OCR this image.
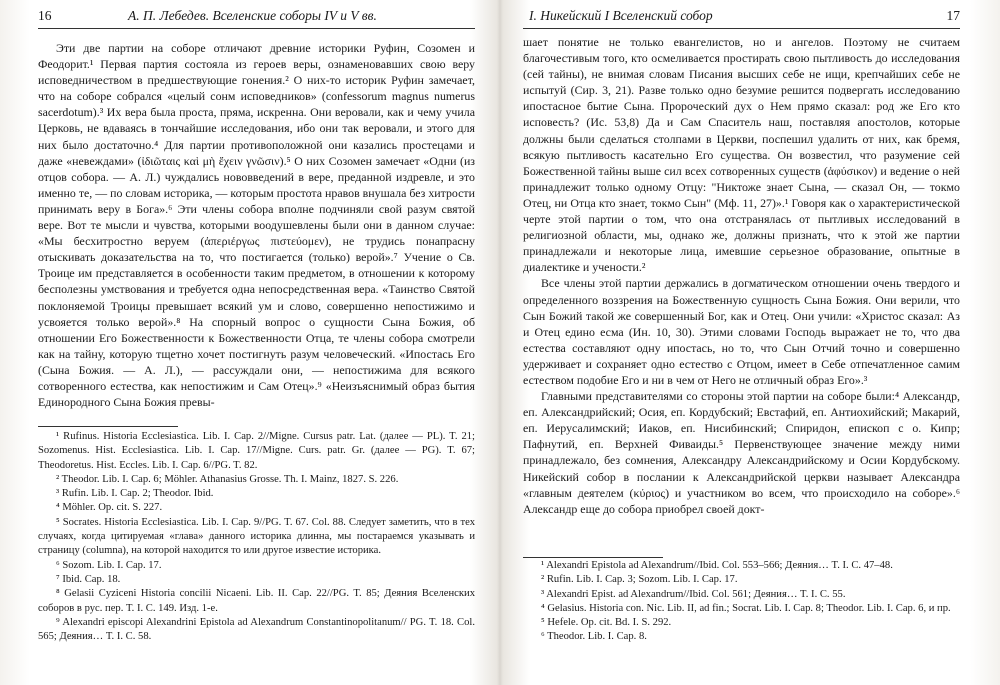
16	А. П. Лебедев. Вселенские соборы IV и V вв.

Эти две партии на соборе отличают древние историки Руфин, Созомен и Феодорит.¹ Первая партия состояла из героев веры, ознаменовавших свою веру исповедничеством в предшествующие гонения.² О них-то историк Руфин замечает, что на соборе собрался «целый сонм исповедников» (confessorum magnus numerus sacerdotum).³ Их вера была проста, пряма, искренна. Они веровали, как и чему учила Церковь, не вдаваясь в тончайшие исследования, ибо они так веровали, и этого для них было достаточно.⁴ Для партии противоположной они казались простецами и даже «невеждами» (ἰδιῶταις καὶ μὴ ἔχειν γνῶσιν).⁵ О них Созомен замечает «Одни (из отцов собора. — А. Л.) чуждались нововведений в вере, преданной издревле, и это именно те, — по словам историка, — которым простота нравов внушала без хитрости принимать веру в Бога».⁶ Эти члены собора вполне подчиняли свой разум святой вере. Вот те мысли и чувства, которыми воодушевлены были они в данном случае: «Мы бесхитростно веруем (ἀπεριέργως πιστεύομεν), не трудись понапрасну отыскивать доказательства на то, что постигается (только) верой».⁷ Учение о Св. Троице им представляется в особенности таким предметом, в отношении к которому бесполезны умствования и требуется одна непосредственная вера. «Таинство Святой поклоняемой Троицы превышает всякий ум и слово, совершенно непостижимо и усвояется только верой».⁸ На спорный вопрос о сущности Сына Божия, об отношении Его Божественности к Божественности Отца, те члены собора смотрели как на тайну, которую тщетно хочет постигнуть разум человеческий. «Ипостась Его (Сына Божия. — А. Л.), — рассуждали они, — непостижима для всякого сотворенного естества, как непостижим и Сам Отец».⁹ «Неизъяснимый образ бытия Единородного Сына Божия превы-

¹ Rufinus. Historia Ecclesiastica. Lib. I. Cap. 2//Migne. Cursus patr. Lat. (далее — PL). T. 21; Sozomenus. Hist. Ecclesiastica. Lib. I. Cap. 17//Migne. Curs. patr. Gr. (далее — PG). T. 67; Theodoretus. Hist. Eccles. Lib. I. Cap. 6//PG. T. 82.

² Theodor. Lib. I. Cap. 6; Möhler. Athanasius Grosse. Th. I. Mainz, 1827. S. 226.

³ Rufin. Lib. I. Cap. 2; Theodor. Ibid.

⁴ Möhler. Op. cit. S. 227.

⁵ Socrates. Historia Ecclesiastica. Lib. I. Cap. 9//PG. T. 67. Col. 88. Следует заметить, что в тех случаях, когда цитируемая «глава» данного историка длинна, мы постараемся указывать и страницу (columna), на которой находится то или другое известие историка.

⁶ Sozom. Lib. I. Cap. 17.

⁷ Ibid. Cap. 18.

⁸ Gelasii Cyziceni Historia concilii Nicaeni. Lib. II. Cap. 22//PG. T. 85; Деяния Вселенских соборов в рус. пер. T. I. C. 149. Изд. 1-е.

⁹ Alexandri episcopi Alexandrini Epistola ad Alexandrum Constantinopolitanum// PG. T. 18. Col. 565; Деяния… T. I. C. 58.

I. Никейский I Вселенский собор	17

шает понятие не только евангелистов, но и ангелов. Поэтому не считаем благочестивым того, кто осмеливается простирать свою пытливость до исследования (сей тайны), не внимая словам Писания высших себе не ищи, крепчайших себе не испытуй (Сир. 3, 21). Разве только одно безумие решится подвергать исследованию ипостасное бытие Сына. Пророческий дух о Нем прямо сказал: род же Его кто исповесть? (Ис. 53,8) Да и Сам Спаситель наш, поставляя апостолов, которые должны были сделаться столпами в Церкви, поспешил удалить от них, как бремя, всякую пытливость касательно Его существа. Он возвестил, что разумение сей Божественной тайны выше сил всех сотворенных существ (ἀφύσικον) и ведение о ней принадлежит только одному Отцу: "Никтоже знает Сына, — сказал Он, — токмо Отец, ни Отца кто знает, токмо Сын" (Мф. 11, 27)».¹ Говоря как о характеристической черте этой партии о том, что она отстранялась от пытливых исследований в религиозной области, мы, однако же, должны признать, что к этой же партии принадлежали и некоторые лица, имевшие серьезное образование, опытные в диалектике и учености.²

Все члены этой партии держались в догматическом отношении очень твердого и определенного воззрения на Божественную сущность Сына Божия. Они верили, что Сын Божий такой же совершенный Бог, как и Отец. Они учили: «Христос сказал: Аз и Отец едино есма (Ин. 10, 30). Этими словами Господь выражает не то, что два естества составляют одну ипостась, но то, что Сын Отчий точно и совершенно удерживает и сохраняет одно естество с Отцом, имеет в Себе отпечатленное самим естеством подобие Его и ни в чем от Него не отличный образ Его».³

Главными представителями со стороны этой партии на соборе были:⁴ Александр, еп. Александрийский; Осия, еп. Кордубский; Евстафий, еп. Антиохийский; Макарий, еп. Иерусалимский; Иаков, еп. Нисибинский; Спиридон, епископ с о. Кипр; Пафнутий, еп. Верхней Фиваиды.⁵ Первенствующее значение между ними принадлежало, без сомнения, Александру Александрийскому и Осии Кордубскому. Никейский собор в послании к Александрийской церкви называет Александра «главным деятелем (κύριος) и участником во всем, что происходило на соборе».⁶ Александр еще до собора приобрел своей докт-

¹ Alexandri Epistola ad Alexandrum//Ibid. Col. 553–566; Деяния… T. I. C. 47–48.

² Rufin. Lib. I. Cap. 3; Sozom. Lib. I. Cap. 17.

³ Alexandri Epist. ad Alexandrum//Ibid. Col. 561; Деяния… T. I. C. 55.

⁴ Gelasius. Historia con. Nic. Lib. II, ad fin.; Socrat. Lib. I. Cap. 8; Theodor. Lib. I. Cap. 6, и пр.

⁵ Hefele. Op. cit. Bd. I. S. 292.

⁶ Theodor. Lib. I. Cap. 8.
